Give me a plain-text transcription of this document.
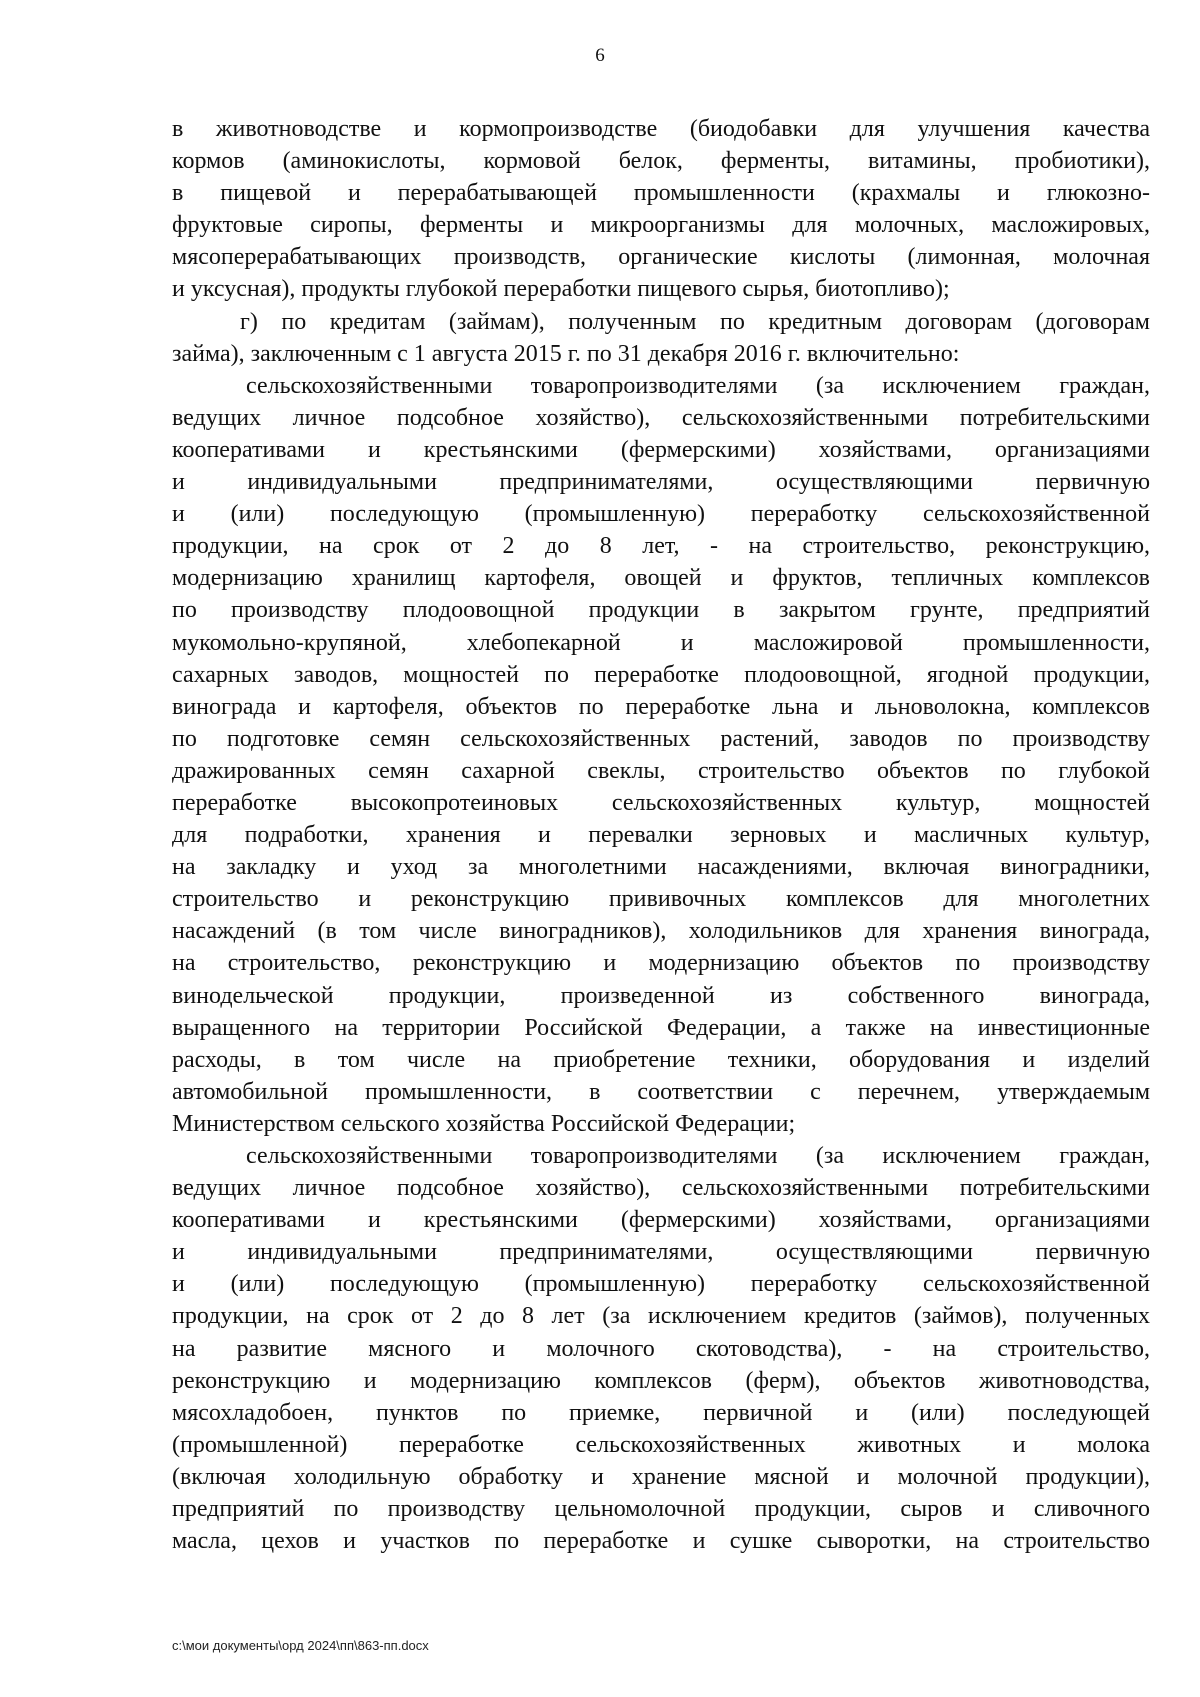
6

в животноводстве и кормопроизводстве (биодобавки для улучшения качества
кормов (аминокислоты, кормовой белок, ферменты, витамины, пробиотики),
в пищевой и перерабатывающей промышленности (крахмалы и глюкозно-
фруктовые сиропы, ферменты и микроорганизмы для молочных, масложировых,
мясоперерабатывающих производств, органические кислоты (лимонная, молочная
и уксусная), продукты глубокой переработки пищевого сырья, биотопливо);

г) по кредитам (займам), полученным по кредитным договорам (договорам
займа), заключенным с 1 августа 2015 г. по 31 декабря 2016 г. включительно:

сельскохозяйственными товаропроизводителями (за исключением граждан,
ведущих личное подсобное хозяйство), сельскохозяйственными потребительскими
кооперативами и крестьянскими (фермерскими) хозяйствами, организациями
и индивидуальными предпринимателями, осуществляющими первичную
и (или) последующую (промышленную) переработку сельскохозяйственной
продукции, на срок от 2 до 8 лет, - на строительство, реконструкцию,
модернизацию хранилищ картофеля, овощей и фруктов, тепличных комплексов
по производству плодоовощной продукции в закрытом грунте, предприятий
мукомольно-крупяной, хлебопекарной и масложировой промышленности,
сахарных заводов, мощностей по переработке плодоовощной, ягодной продукции,
винограда и картофеля, объектов по переработке льна и льноволокна, комплексов
по подготовке семян сельскохозяйственных растений, заводов по производству
дражированных семян сахарной свеклы, строительство объектов по глубокой
переработке высокопротеиновых сельскохозяйственных культур, мощностей
для подработки, хранения и перевалки зерновых и масличных культур,
на закладку и уход за многолетними насаждениями, включая виноградники,
строительство и реконструкцию прививочных комплексов для многолетних
насаждений (в том числе виноградников), холодильников для хранения винограда,
на строительство, реконструкцию и модернизацию объектов по производству
винодельческой продукции, произведенной из собственного винограда,
выращенного на территории Российской Федерации, а также на инвестиционные
расходы, в том числе на приобретение техники, оборудования и изделий
автомобильной промышленности, в соответствии с перечнем, утверждаемым
Министерством сельского хозяйства Российской Федерации;

сельскохозяйственными товаропроизводителями (за исключением граждан,
ведущих личное подсобное хозяйство), сельскохозяйственными потребительскими
кооперативами и крестьянскими (фермерскими) хозяйствами, организациями
и индивидуальными предпринимателями, осуществляющими первичную
и (или) последующую (промышленную) переработку сельскохозяйственной
продукции, на срок от 2 до 8 лет (за исключением кредитов (займов), полученных
на развитие мясного и молочного скотоводства), - на строительство,
реконструкцию и модернизацию комплексов (ферм), объектов животноводства,
мясохладобоен, пунктов по приемке, первичной и (или) последующей
(промышленной) переработке сельскохозяйственных животных и молока
(включая холодильную обработку и хранение мясной и молочной продукции),
предприятий по производству цельномолочной продукции, сыров и сливочного
масла, цехов и участков по переработке и сушке сыворотки, на строительство

c:\мои документы\орд 2024\пп\863-пп.docx
